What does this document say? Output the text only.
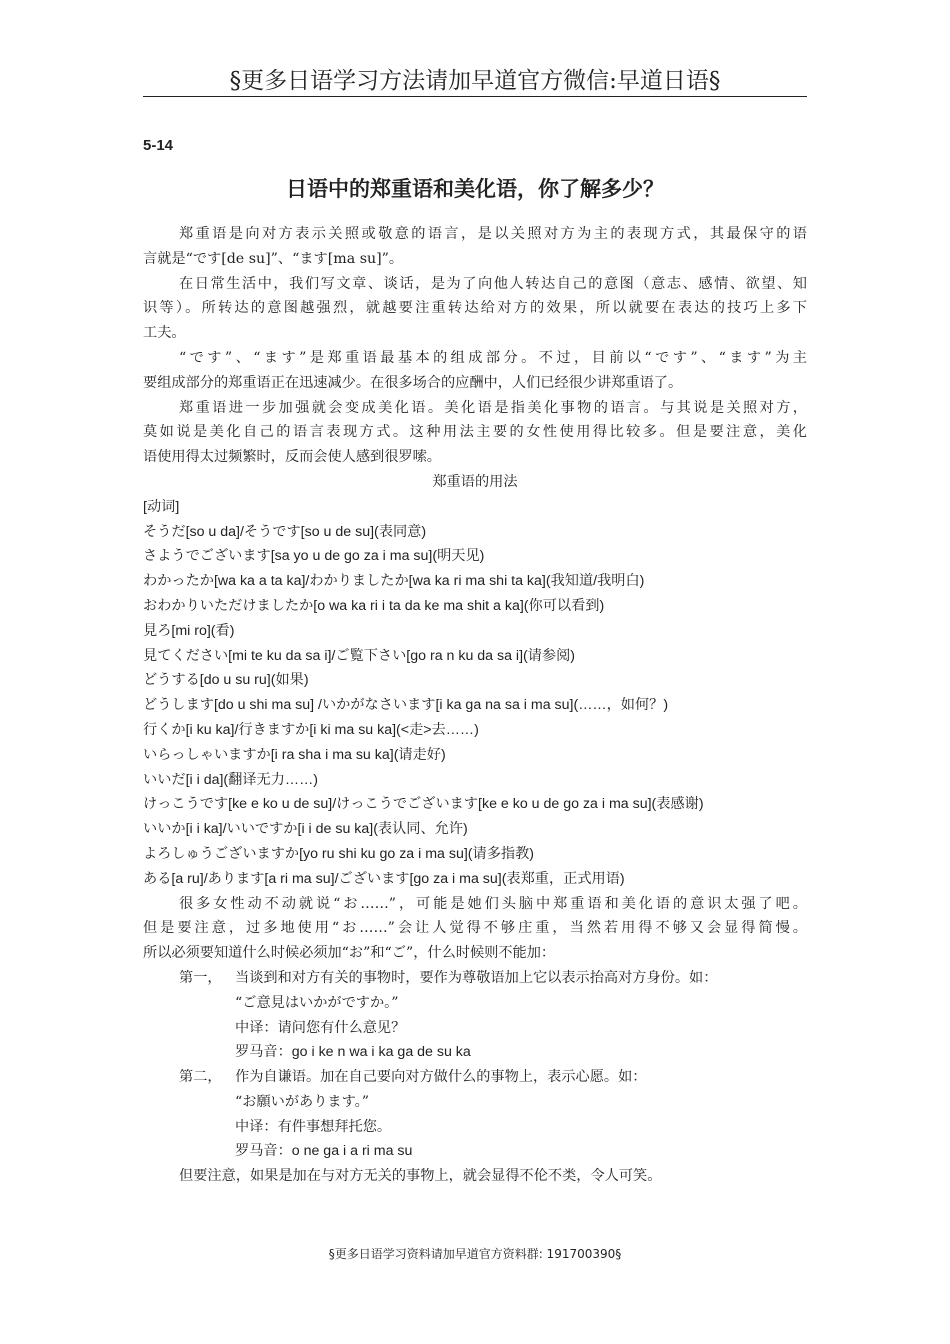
§更多日语学习方法请加早道官方微信:早道日语§
5-14
日语中的郑重语和美化语，你了解多少？
郑重语是向对方表示关照或敬意的语言，是以关照对方为主的表现方式，其最保守的语
言就是“です[de su]”、“ます[ma su]”。
在日常生活中，我们写文章、谈话，是为了向他人转达自己的意图（意志、感情、欲望、知
识等）。所转达的意图越强烈，就越要注重转达给对方的效果，所以就要在表达的技巧上多下
工夫。
“です”、“ます”是郑重语最基本的组成部分。不过，目前以“です”、“ます”为主
要组成部分的郑重语正在迅速减少。在很多场合的应酬中，人们已经很少讲郑重语了。
郑重语进一步加强就会变成美化语。美化语是指美化事物的语言。与其说是关照对方，
莫如说是美化自己的语言表现方式。这种用法主要的女性使用得比较多。但是要注意，美化
语使用得太过频繁时，反而会使人感到很罗嗦。
郑重语的用法
[动词]
そうだ[so u da]/そうです[so u de su](表同意)
さようでございます[sa yo u de go za i ma su](明天见)
わかったか[wa ka a ta ka]/わかりましたか[wa ka ri ma shi ta ka](我知道/我明白)
おわかりいただけましたか[o wa ka ri i ta da ke ma shit a ka](你可以看到)
見ろ[mi ro](看)
見てください[mi te ku da sa i]/ご覧下さい[go ra n ku da sa i](请参阅)
どうする[do u su ru](如果)
どうします[do u shi ma su] /いかがなさいます[i ka ga na sa i ma su](……，如何？)
行くか[i ku ka]/行きますか[i ki ma su ka](<走>去……)
いらっしゃいますか[i ra sha i ma su ka](请走好)
いいだ[i i da](翻译无力……)
けっこうです[ke e ko u de su]/けっこうでございます[ke e ko u de go za i ma su](表感谢)
いいか[i i ka]/いいですか[i i de su ka](表认同、允许)
よろしゅうございますか[yo ru shi ku go za i ma su](请多指教)
ある[a ru]/あります[a ri ma su]/ございます[go za i ma su](表郑重，正式用语)
很多女性动不动就说“お……”，可能是她们头脑中郑重语和美化语的意识太强了吧。
但是要注意，过多地使用“お……”会让人觉得不够庄重，当然若用得不够又会显得简慢。
所以必须要知道什么时候必须加“お”和“ご”，什么时候则不能加：
第一， 当谈到和对方有关的事物时，要作为尊敬语加上它以表示抬高对方身份。如：
“ご意見はいかがですか。”
中译：请问您有什么意见？
罗马音：go i ke n wa i ka ga de su ka
第二， 作为自谦语。加在自己要向对方做什么的事物上，表示心愿。如：
“お願いがあります。”
中译：有件事想拜托您。
罗马音：o ne ga i a ri ma su
但要注意，如果是加在与对方无关的事物上，就会显得不伦不类，令人可笑。
§更多日语学习资料请加早道官方资料群: 191700390§
